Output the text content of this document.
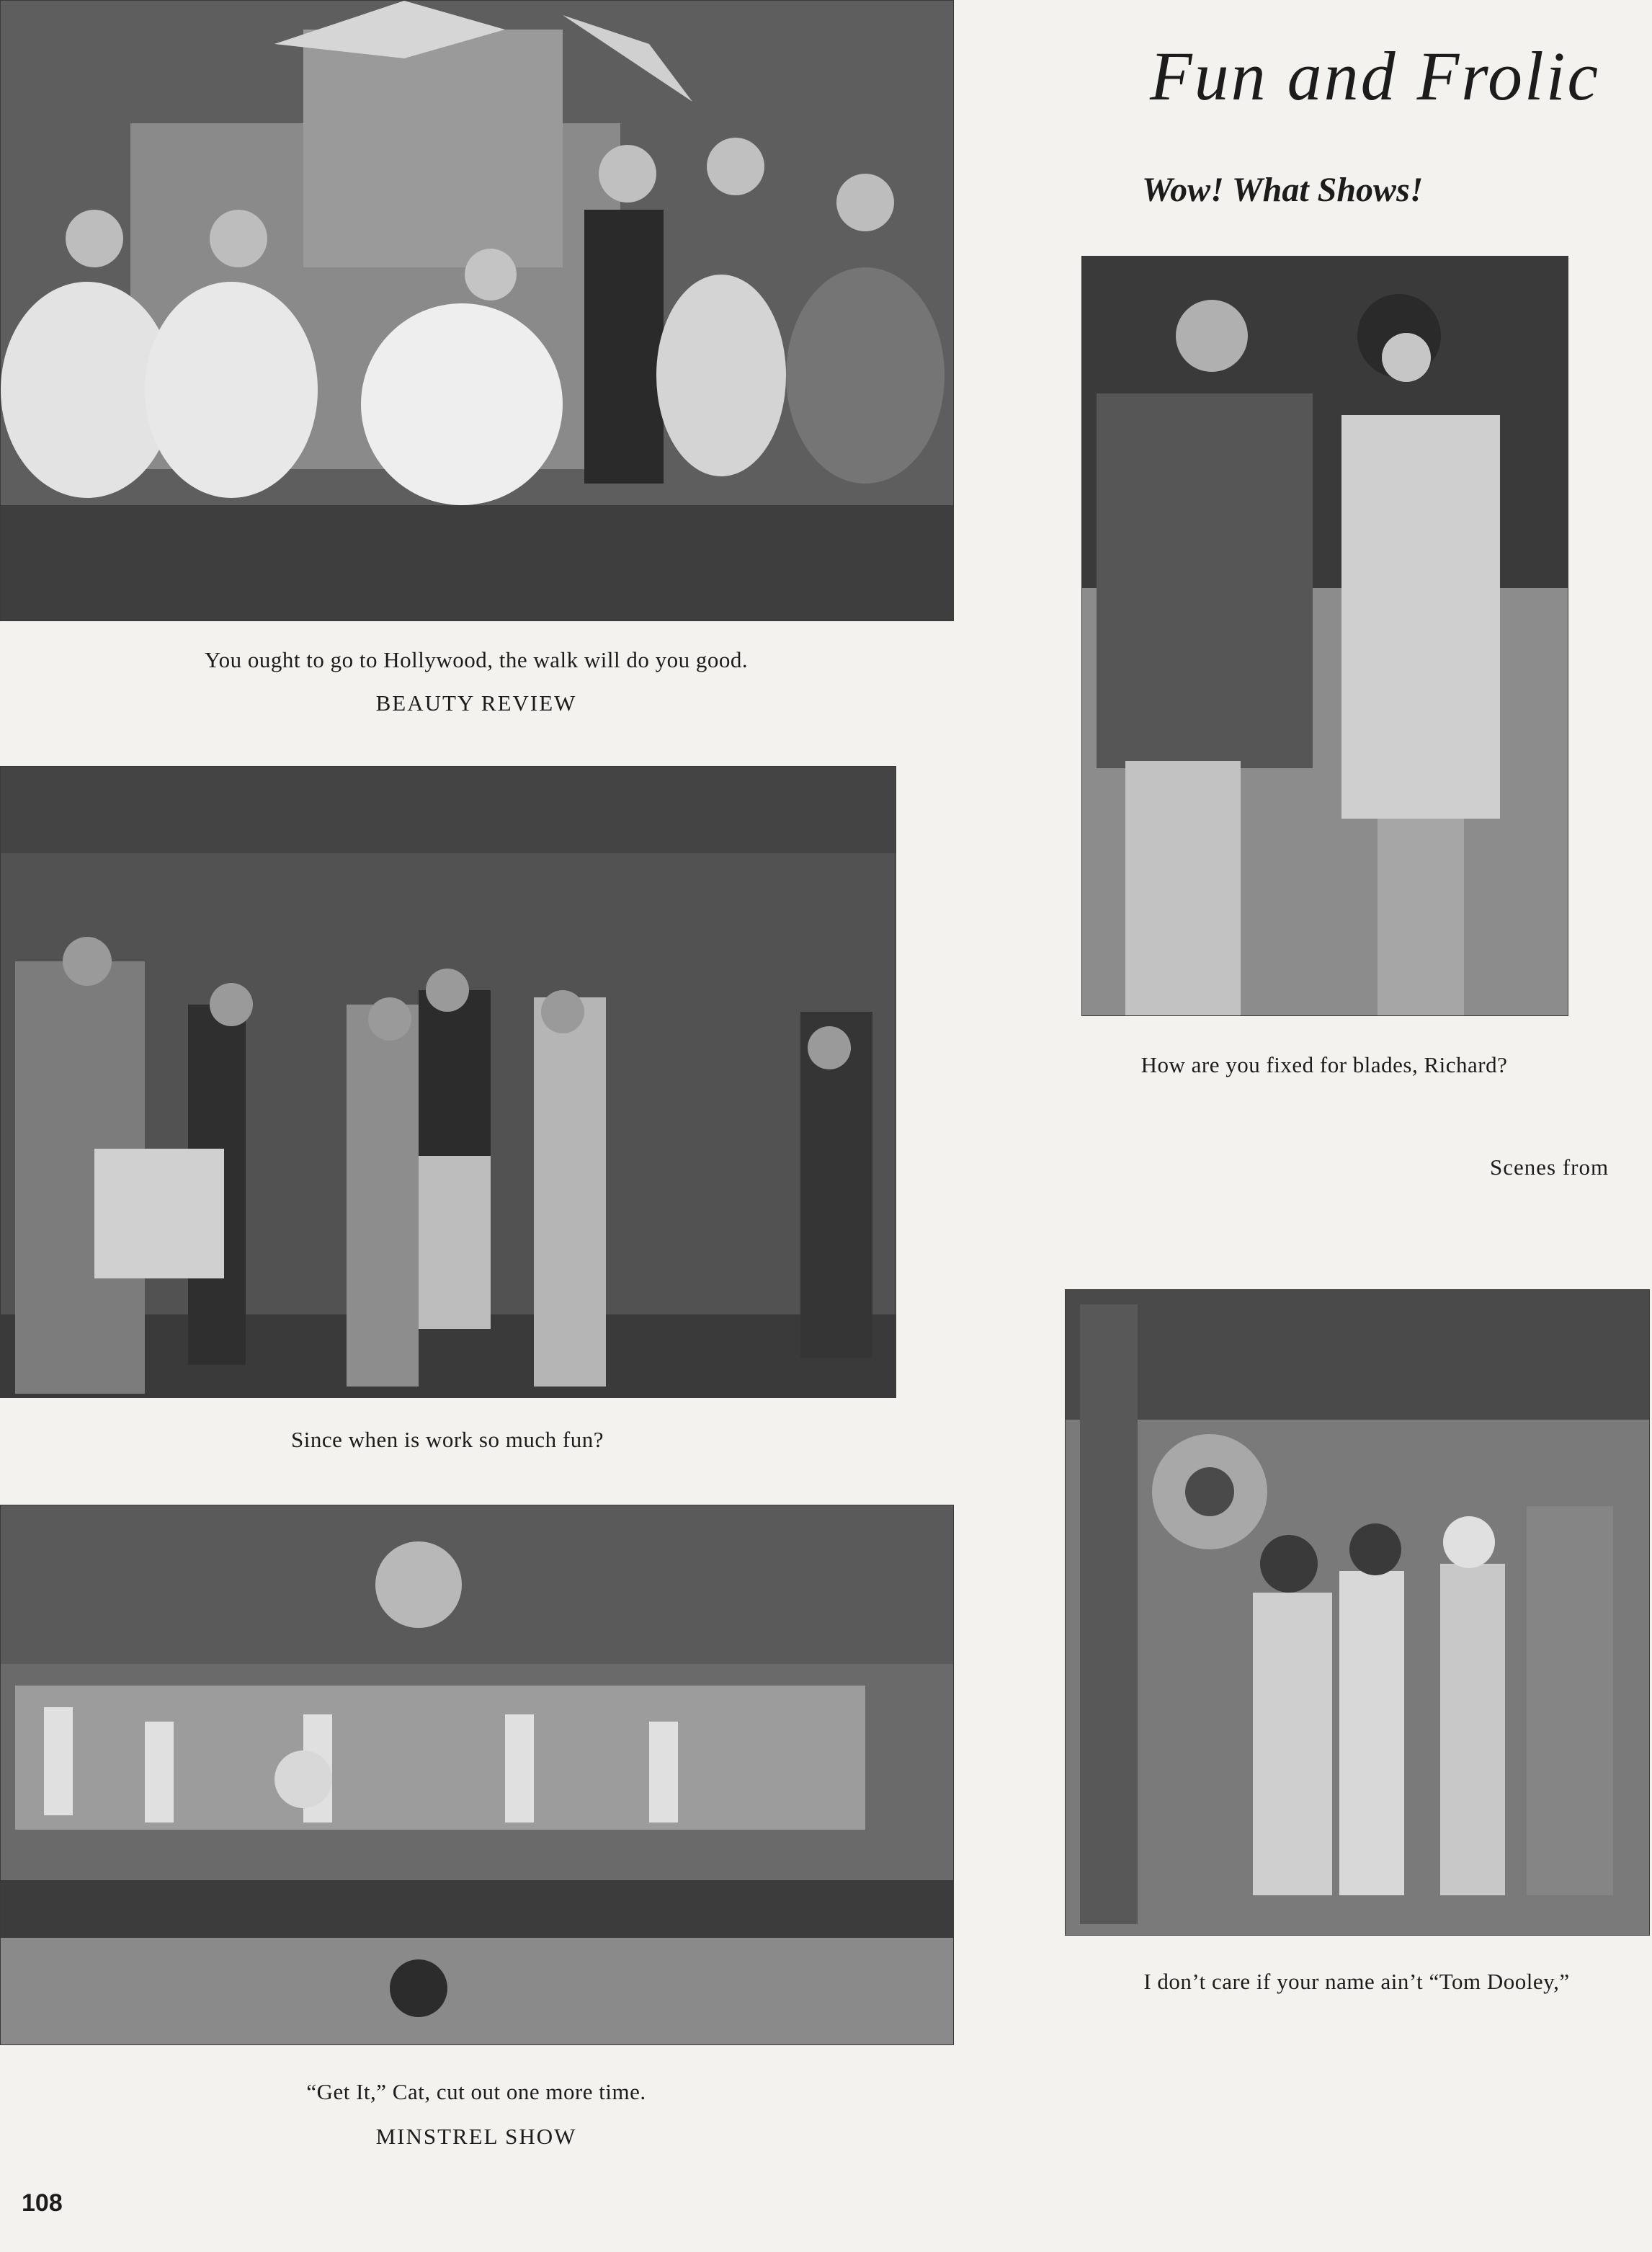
Fun and Frolic
Wow! What Shows!
You ought to go to Hollywood, the walk will do you good.
BEAUTY REVIEW
Since when is work so much fun?
“Get It,” Cat, cut out one more time.
MINSTREL SHOW
How are you fixed for blades, Richard?
Scenes from
I don’t care if your name ain’t “Tom Dooley,”
108
